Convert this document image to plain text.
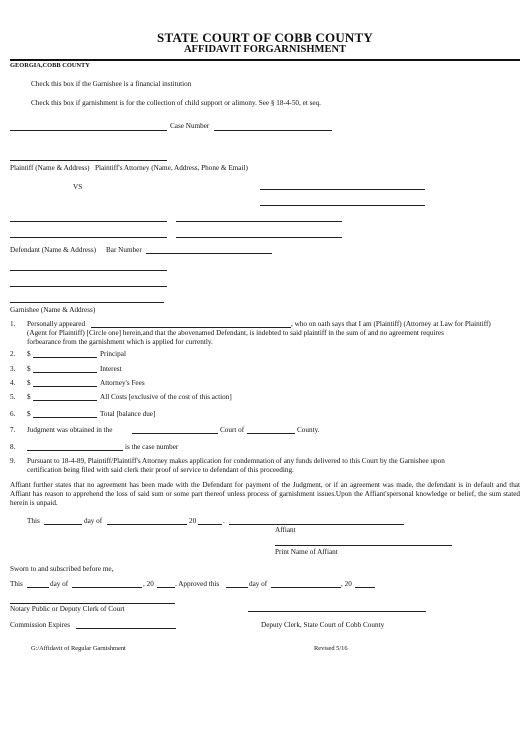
STATE COURT OF COBB COUNTY
AFFIDAVIT FORGARNISHMENT
GEORGIA,COBB COUNTY
Check this box if the Garnishee is a financial institution
Check this box if garnishment is for the collection of child support or alimony. See § 18-4-50, et seq.
Case Number
Plaintiff (Name & Address) Plaintiff's Attorney (Name, Address, Phone & Email)
VS
Defendant (Name & Address) Bar Number
Garnishee (Name & Address)
1. Personally appeared	, who on oath says that I am (Plaintiff) (Attorney at Law for Plaintiff)
(Agent for Plaintiff) [Circle one] herein,and that the abovenamed Defendant, is indebted to said plaintiff in the sum of and no agreement requires
forbearance from the garnishment which is applied for currently.
2. $	Principal
3. $	Interest
4. $	Attorney's Fees
5. $	All Costs [exclusive of the cost of this action]
6. $	Total [balance due]
7. Judgment was obtained in the	Court of	County.
8.	is the case number
9. Pursuant to 18-4-89, Plaintiff/Plaintiff's Attorney makes application for condemnation of any funds delivered to this Court by the Garnishee upon
certification being filed with said clerk their proof of service to defendant of this proceeding.
Affiant further states that no agreement has been made with the Defendant for payment of the Judgment, or if an agreement was made, the defendant is in default and that Affiant has reason to apprehend the loss of said sum or some part thereof unless process of garnishment issues.Upon the Affiant'spersonal knowledge or belief, the sum stated herein is unpaid.
This	day of	20	.
Affiant
Print Name of Affiant
Sworn to and subscribed before me,
This	day of	, 20	. Approved this	day of	, 20
Notary Public or Deputy Clerk of Court
Commission Expires	Deputy Clerk, State Court of Cobb County
G:/Affidavit of Regular Garnishment	Revised 5/16
